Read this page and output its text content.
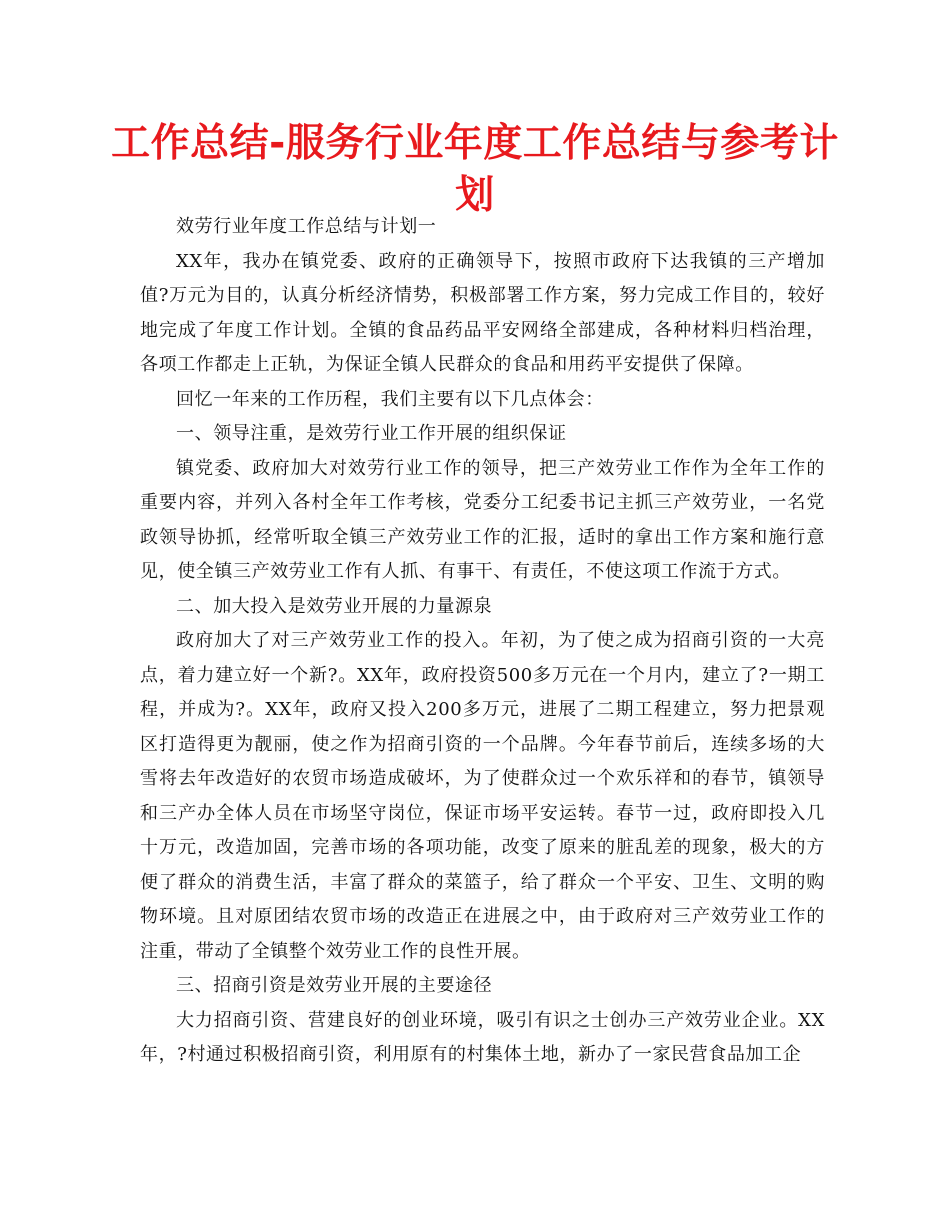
工作总结-服务行业年度工作总结与参考计划

效劳行业年度工作总结与计划一

XX年，我办在镇党委、政府的正确领导下，按照市政府下达我镇的三产增加值?万元为目的，认真分析经济情势，积极部署工作方案，努力完成工作目的，较好地完成了年度工作计划。全镇的食品药品平安网络全部建成，各种材料归档治理，各项工作都走上正轨，为保证全镇人民群众的食品和用药平安提供了保障。

回忆一年来的工作历程，我们主要有以下几点体会：

一、领导注重，是效劳行业工作开展的组织保证

镇党委、政府加大对效劳行业工作的领导，把三产效劳业工作作为全年工作的重要内容，并列入各村全年工作考核，党委分工纪委书记主抓三产效劳业，一名党政领导协抓，经常听取全镇三产效劳业工作的汇报，适时的拿出工作方案和施行意见，使全镇三产效劳业工作有人抓、有事干、有责任，不使这项工作流于方式。

二、加大投入是效劳业开展的力量源泉

政府加大了对三产效劳业工作的投入。年初，为了使之成为招商引资的一大亮点，着力建立好一个新?。XX年，政府投资500多万元在一个月内，建立了?一期工程，并成为?。XX年，政府又投入200多万元，进展了二期工程建立，努力把景观区打造得更为靓丽，使之作为招商引资的一个品牌。今年春节前后，连续多场的大雪将去年改造好的农贸市场造成破坏，为了使群众过一个欢乐祥和的春节，镇领导和三产办全体人员在市场坚守岗位，保证市场平安运转。春节一过，政府即投入几十万元，改造加固，完善市场的各项功能，改变了原来的脏乱差的现象，极大的方便了群众的消费生活，丰富了群众的菜篮子，给了群众一个平安、卫生、文明的购物环境。且对原团结农贸市场的改造正在进展之中，由于政府对三产效劳业工作的注重，带动了全镇整个效劳业工作的良性开展。

三、招商引资是效劳业开展的主要途径

大力招商引资、营建良好的创业环境，吸引有识之士创办三产效劳业企业。XX年，?村通过积极招商引资，利用原有的村集体土地，新办了一家民营食品加工企
